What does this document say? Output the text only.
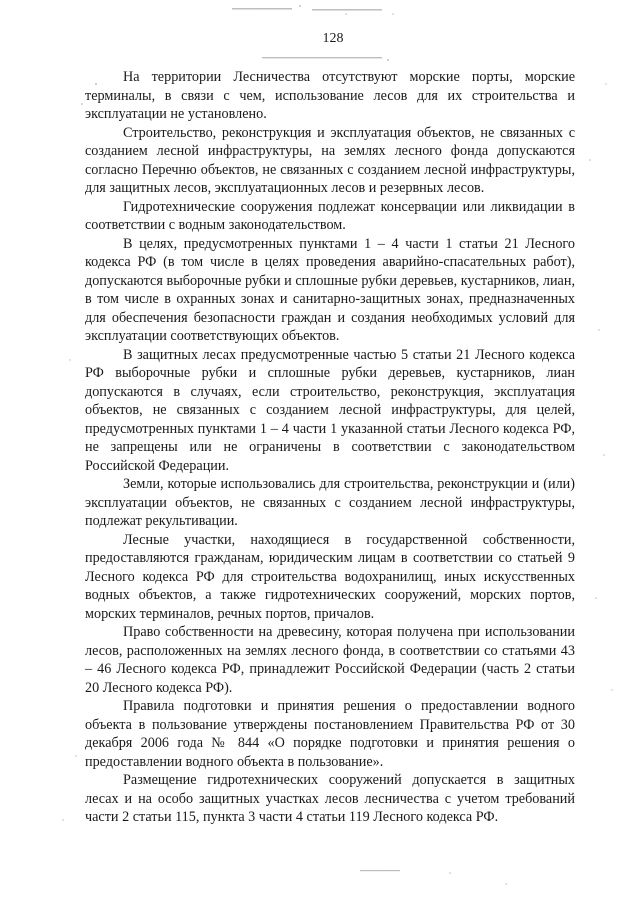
128

На территории Лесничества отсутствуют морские порты, морские терминалы, в связи с чем, использование лесов для их строительства и эксплуатации не установлено.

Строительство, реконструкция и эксплуатация объектов, не связанных с созданием лесной инфраструктуры, на землях лесного фонда допускаются согласно Перечню объектов, не связанных с созданием лесной инфраструктуры, для защитных лесов, эксплуатационных лесов и резервных лесов.

Гидротехнические сооружения подлежат консервации или ликвидации в соответствии с водным законодательством.

В целях, предусмотренных пунктами 1 – 4 части 1 статьи 21 Лесного кодекса РФ (в том числе в целях проведения аварийно-спасательных работ), допускаются выборочные рубки и сплошные рубки деревьев, кустарников, лиан, в том числе в охранных зонах и санитарно-защитных зонах, предназначенных для обеспечения безопасности граждан и создания необходимых условий для эксплуатации соответствующих объектов.

В защитных лесах предусмотренные частью 5 статьи 21 Лесного кодекса РФ выборочные рубки и сплошные рубки деревьев, кустарников, лиан допускаются в случаях, если строительство, реконструкция, эксплуатация объектов, не связанных с созданием лесной инфраструктуры, для целей, предусмотренных пунктами 1 – 4 части 1 указанной статьи Лесного кодекса РФ, не запрещены или не ограничены в соответствии с законодательством Российской Федерации.

Земли, которые использовались для строительства, реконструкции и (или) эксплуатации объектов, не связанных с созданием лесной инфраструктуры, подлежат рекультивации.

Лесные участки, находящиеся в государственной собственности, предоставляются гражданам, юридическим лицам в соответствии со статьей 9 Лесного кодекса РФ для строительства водохранилищ, иных искусственных водных объектов, а также гидротехнических сооружений, морских портов, морских терминалов, речных портов, причалов.

Право собственности на древесину, которая получена при использовании лесов, расположенных на землях лесного фонда, в соответствии со статьями 43 – 46 Лесного кодекса РФ, принадлежит Российской Федерации (часть 2 статьи 20 Лесного кодекса РФ).

Правила подготовки и принятия решения о предоставлении водного объекта в пользование утверждены постановлением Правительства РФ от 30 декабря 2006 года № 844 «О порядке подготовки и принятия решения о предоставлении водного объекта в пользование».

Размещение гидротехнических сооружений допускается в защитных лесах и на особо защитных участках лесов лесничества с учетом требований части 2 статьи 115, пункта 3 части 4 статьи 119 Лесного кодекса РФ.
